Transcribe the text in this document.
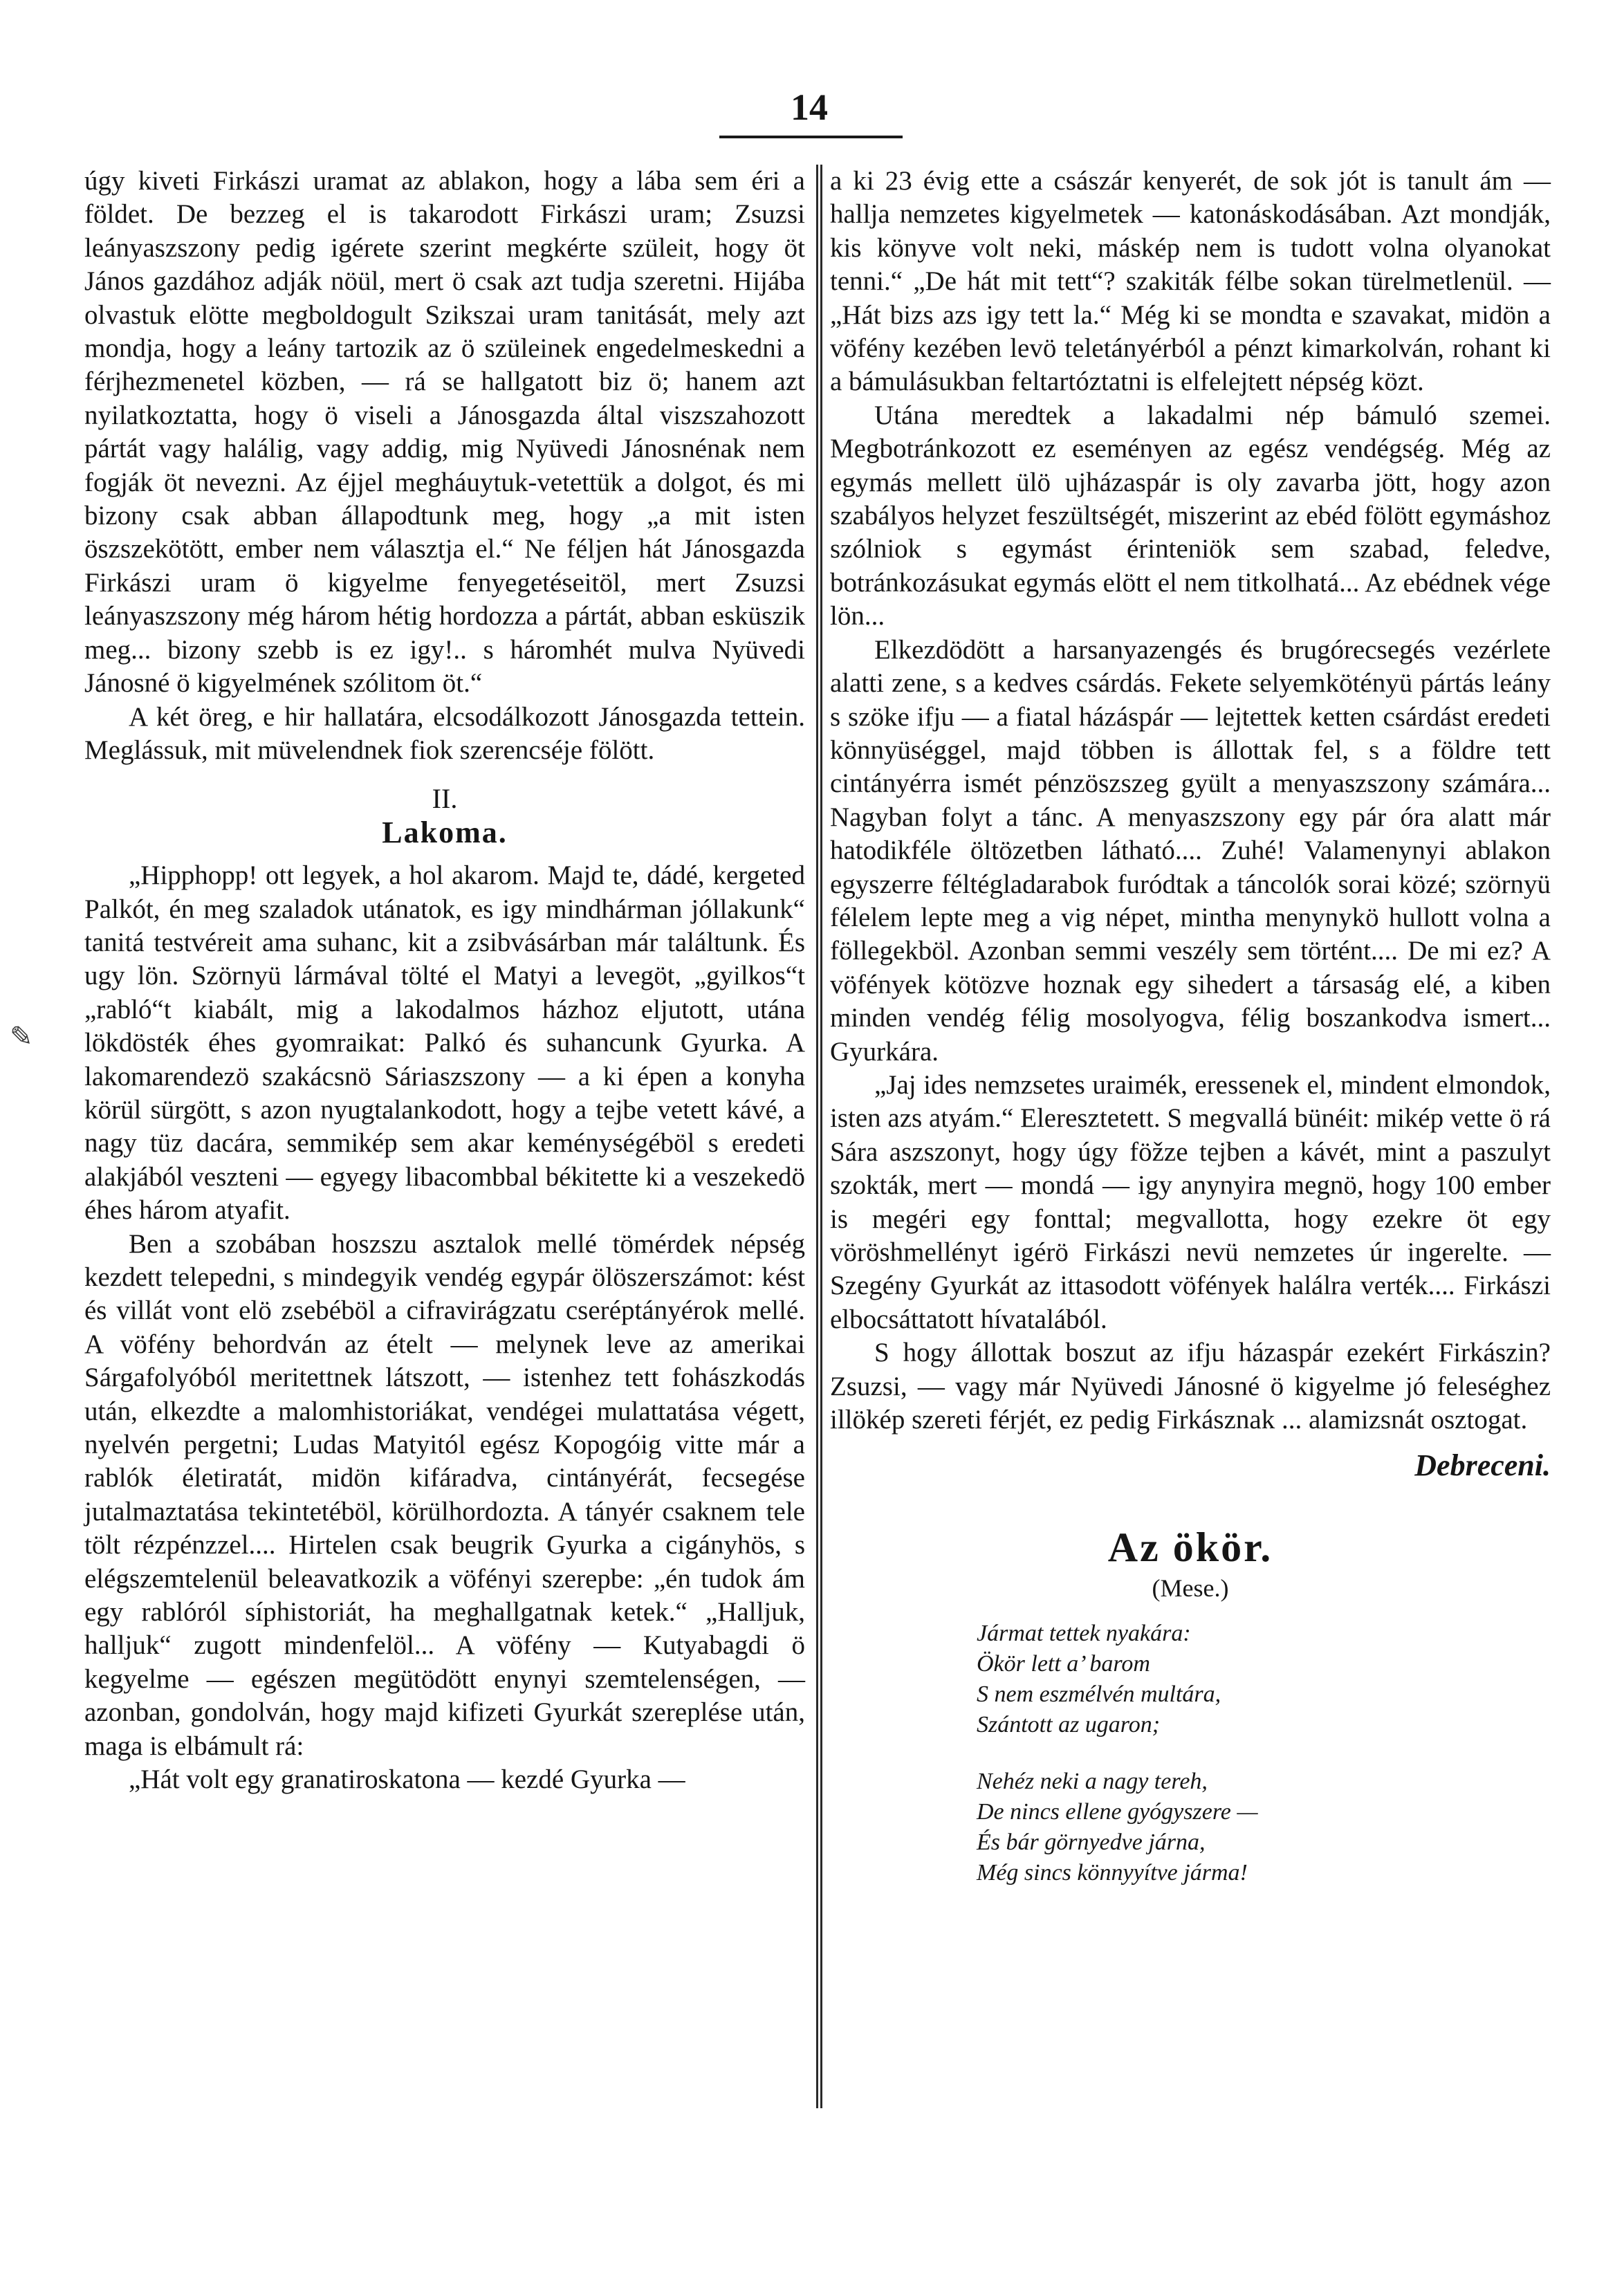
14
✎

úgy kiveti Firkászi uramat az ablakon, hogy a lába sem éri a földet. De bezzeg el is takarodott Firkászi uram; Zsuzsi leányaszszony pedig igérete szerint megkérte szüleit, hogy öt János gazdához adják nöül, mert ö csak azt tudja szeretni. Hijába olvastuk elötte megboldogult Szikszai uram tanitását, mely azt mondja, hogy a leány tartozik az ö szüleinek engedelmeskedni a férjhezmenetel közben, — rá se hallgatott biz ö; hanem azt nyilatkoztatta, hogy ö viseli a Jánosgazda által viszszahozott pártát vagy halálig, vagy addig, mig Nyüvedi Jánosnénak nem fogják öt nevezni. Az éjjel megháuytuk-vetettük a dolgot, és mi bizony csak abban állapodtunk meg, hogy „a mit isten öszszekötött, ember nem választja el.“ Ne féljen hát Jánosgazda Firkászi uram ö kigyelme fenyegetéseitöl, mert Zsuzsi leányaszszony még három hétig hordozza a pártát, abban esküszik meg... bizony szebb is ez igy!.. s háromhét mulva Nyüvedi Jánosné ö kigyelmének szólitom öt.“

A két öreg, e hir hallatára, elcsodálkozott Jánosgazda tettein. Meglássuk, mit müvelendnek fiok szerencséje fölött.

II.

Lakoma.

„Hipphopp! ott legyek, a hol akarom. Majd te, dádé, kergeted Palkót, én meg szaladok utánatok, es igy mindhárman jóllakunk“ tanitá testvéreit ama suhanc, kit a zsibvásárban már találtunk. És ugy lön. Szörnyü lármával tölté el Matyi a levegöt, „gyilkos“t „rabló“t kiabált, mig a lakodalmos házhoz eljutott, utána lökdösték éhes gyomraikat: Palkó és suhancunk Gyurka. A lakomarendezö szakácsnö Sáriaszszony — a ki épen a konyha körül sürgött, s azon nyugtalankodott, hogy a tejbe vetett kávé, a nagy tüz dacára, semmikép sem akar keménységéböl s eredeti alakjából veszteni — egyegy libacombbal békitette ki a veszekedö éhes három atyafit.

Ben a szobában hoszszu asztalok mellé tömérdek népség kezdett telepedni, s mindegyik vendég egypár ölöszerszámot: kést és villát vont elö zsebéböl a cifravirágzatu cseréptányérok mellé. A vöfény behordván az ételt — melynek leve az amerikai Sárgafolyóból meritettnek látszott, — istenhez tett fohászkodás után, elkezdte a malomhistoriákat, vendégei mulattatása végett, nyelvén pergetni; Ludas Matyitól egész Kopogóig vitte már a rablók életiratát, midön kifáradva, cintányérát, fecsegése jutalmaztatása tekintetéböl, körülhordozta. A tányér csaknem tele tölt rézpénzzel.... Hirtelen csak beugrik Gyurka a cigányhös, s elégszemtelenül beleavatkozik a vöfényi szerepbe: „én tudok ám egy rablóról síphistoriát, ha meghallgatnak ketek.“ „Halljuk, halljuk“ zugott mindenfelöl... A vöfény — Kutyabagdi ö kegyelme — egészen megütödött enynyi szemtelenségen, — azonban, gondolván, hogy majd kifizeti Gyurkát szereplése után, maga is elbámult rá:

„Hát volt egy granatiroskatona — kezdé Gyurka —

a ki 23 évig ette a császár kenyerét, de sok jót is tanult ám — hallja nemzetes kigyelmetek — katonáskodásában. Azt mondják, kis könyve volt neki, máskép nem is tudott volna olyanokat tenni.“ „De hát mit tett“? szakiták félbe sokan türelmetlenül. — „Hát bizs azs igy tett la.“ Még ki se mondta e szavakat, midön a vöfény kezében levö teletányérból a pénzt kimarkolván, rohant ki a bámulásukban feltartóztatni is elfelejtett népség közt.

Utána meredtek a lakadalmi nép bámuló szemei. Megbotránkozott ez eseményen az egész vendégség. Még az egymás mellett ülö ujházaspár is oly zavarba jött, hogy azon szabályos helyzet feszültségét, miszerint az ebéd fölött egymáshoz szólniok s egymást érinteniök sem szabad, feledve, botránkozásukat egymás elött el nem titkolhatá... Az ebédnek vége lön...

Elkezdödött a harsanyazengés és brugórecsegés vezérlete alatti zene, s a kedves csárdás. Fekete selyemkötényü pártás leány s szöke ifju — a fiatal házáspár — lejtettek ketten csárdást eredeti könnyüséggel, majd többen is állottak fel, s a földre tett cintányérra ismét pénzöszszeg gyült a menyaszszony számára... Nagyban folyt a tánc. A menyaszszony egy pár óra alatt már hatodikféle öltözetben látható.... Zuhé! Valamenynyi ablakon egyszerre féltégladarabok furódtak a táncolók sorai közé; szörnyü félelem lepte meg a vig népet, mintha menynykö hullott volna a föllegekböl. Azonban semmi veszély sem történt.... De mi ez? A vöfények kötözve hoznak egy sihedert a társaság elé, a kiben minden vendég félig mosolyogva, félig boszankodva ismert... Gyurkára.

„Jaj ides nemzsetes uraimék, eressenek el, mindent elmondok, isten azs atyám.“ Eleresztetett. S megvallá bünéit: mikép vette ö rá Sára aszszonyt, hogy úgy föžze tejben a kávét, mint a paszulyt szokták, mert — mondá — igy anynyira megnö, hogy 100 ember is megéri egy fonttal; megvallotta, hogy ezekre öt egy vöröshmellényt igérö Firkászi nevü nemzetes úr ingerelte. — Szegény Gyurkát az ittasodott vöfények halálra verték.... Firkászi elbocsáttatott hívatalából.

S hogy állottak boszut az ifju házaspár ezekért Firkászin? Zsuzsi, — vagy már Nyüvedi Jánosné ö kigyelme jó feleséghez illökép szereti férjét, ez pedig Firkásznak ... alamizsnát osztogat.

Debreceni.

Az ökör.

(Mese.)

Jármat tettek nyakára:
Ökör lett a’ barom
S nem eszmélvén multára,
Szántott az ugaron;

Nehéz neki a nagy tereh,
De nincs ellene gyógyszere —
És bár görnyedve járna,
Még sincs könnyyítve járma!
